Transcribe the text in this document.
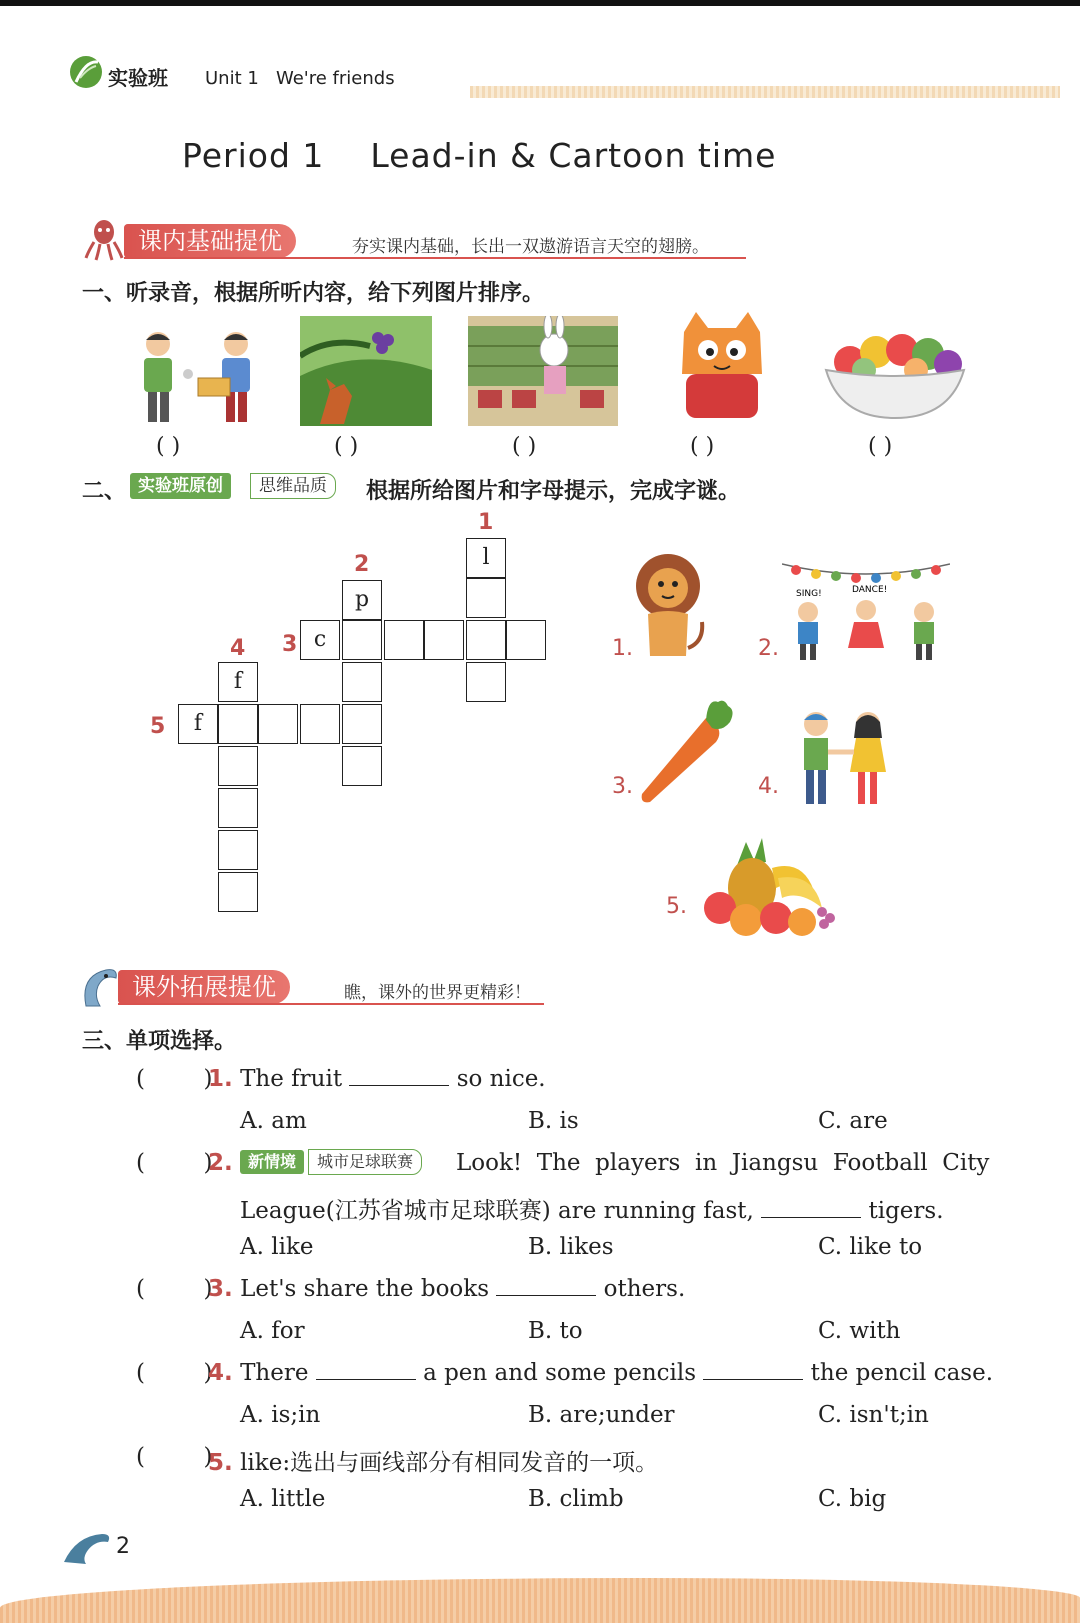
实验班 Unit 1   We're friends
Period 1    Lead-in & Cartoon time
课内基础提优	夯实课内基础，长出一双遨游语言天空的翅膀。
一、听录音，根据所听内容，给下列图片排序。
( )	( )	( )	( )	( )
二、 实验班原创	思维品质	根据所给图片和字母提示，完成字谜。
l
p
c
f
f
1
2
3
4
5
1.	2.
SING!	DANCE!
3.	4.
5.
课外拓展提优	瞧，课外的世界更精彩！
三、单项选择。
(        )
1. The fruit	so nice.
A. am	B. is	C. are
(        )
2. 新情境	城市足球联赛	Look!  The  players  in  Jiangsu  Football  City
League(江苏省城市足球联赛) are running fast,	tigers.
A. like	B. likes	C. like to
(        )
3. Let's share the books	others.
A. for	B. to	C. with
(        )
4. There	a pen and some pencils	the pencil case.
A. is;in	B. are;under	C. isn't;in
(        )
5. like:选出与画线部分有相同发音的一项。
A. little	B. climb	C. big
2
